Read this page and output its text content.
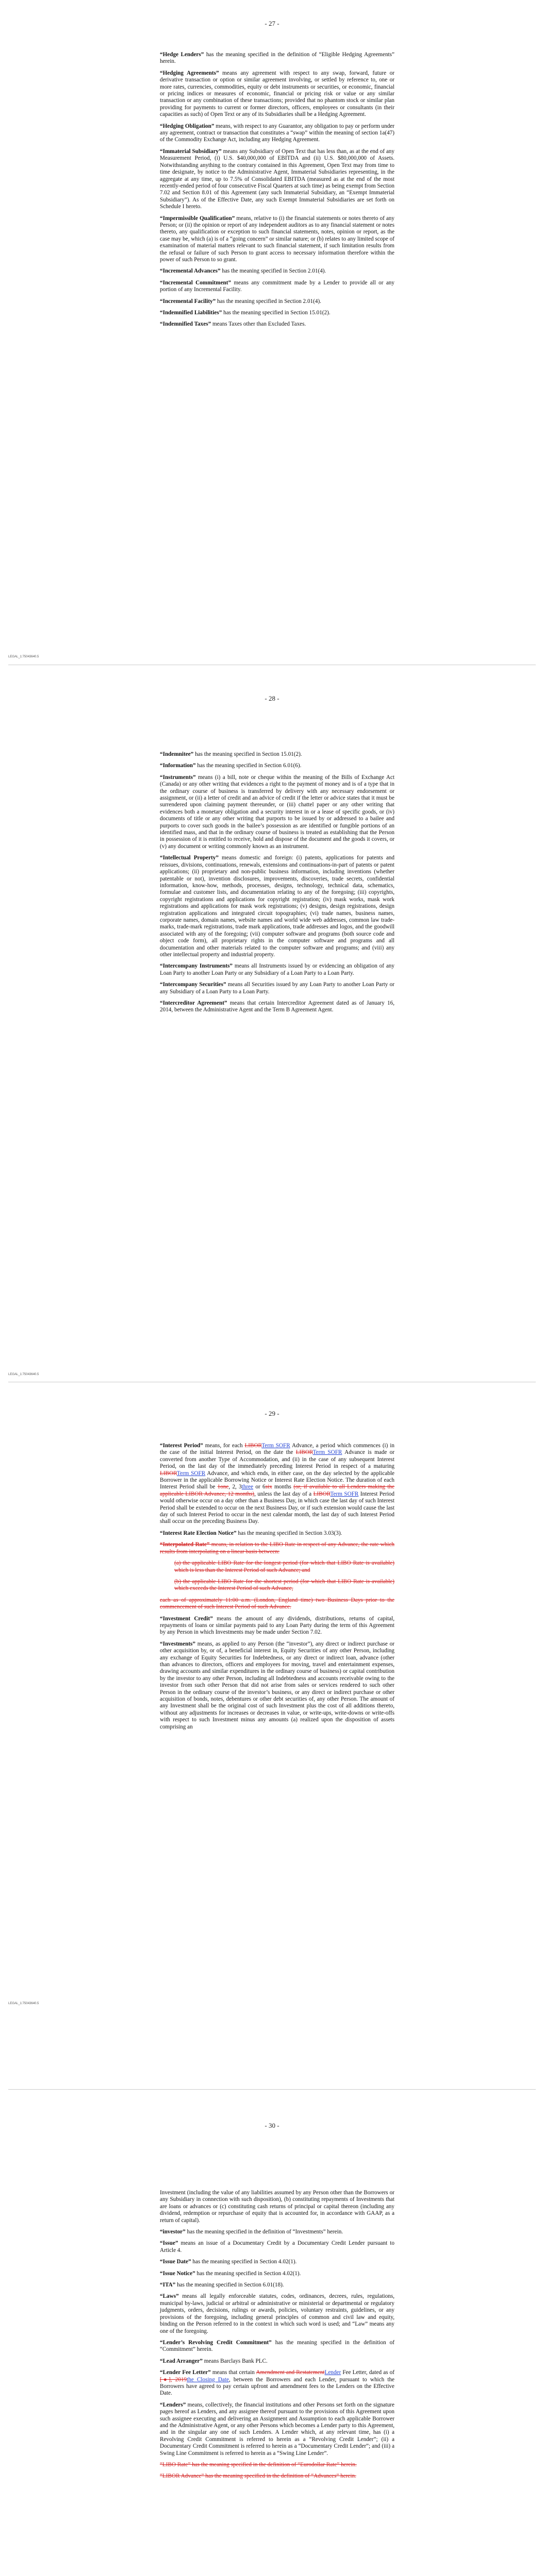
- 27 -

“Hedge Lenders” has the meaning specified in the definition of “Eligible Hedging Agreements” herein.

“Hedging Agreements” means any agreement with respect to any swap, forward, future or derivative transaction or option or similar agreement involving, or settled by reference to, one or more rates, currencies, commodities, equity or debt instruments or securities, or economic, financial or pricing indices or measures of economic, financial or pricing risk or value or any similar transaction or any combination of these transactions; provided that no phantom stock or similar plan providing for payments to current or former directors, officers, employees or consultants (in their capacities as such) of Open Text or any of its Subsidiaries shall be a Hedging Agreement.

“Hedging Obligation” means, with respect to any Guarantor, any obligation to pay or perform under any agreement, contract or transaction that constitutes a “swap” within the meaning of section 1a(47) of the Commodity Exchange Act, including any Hedging Agreement.

“Immaterial Subsidiary” means any Subsidiary of Open Text that has less than, as at the end of any Measurement Period, (i) U.S. $40,000,000 of EBITDA and (ii) U.S. $80,000,000 of Assets. Notwithstanding anything to the contrary contained in this Agreement, Open Text may from time to time designate, by notice to the Administrative Agent, Immaterial Subsidiaries representing, in the aggregate at any time, up to 7.5% of Consolidated EBITDA (measured as at the end of the most recently-ended period of four consecutive Fiscal Quarters at such time) as being exempt from Section 7.02 and Section 8.01 of this Agreement (any such Immaterial Subsidiary, an “Exempt Immaterial Subsidiary”). As of the Effective Date, any such Exempt Immaterial Subsidiaries are set forth on Schedule I hereto.

“Impermissible Qualification” means, relative to (i) the financial statements or notes thereto of any Person; or (ii) the opinion or report of any independent auditors as to any financial statement or notes thereto, any qualification or exception to such financial statements, notes, opinion or report, as the case may be, which (a) is of a “going concern” or similar nature; or (b) relates to any limited scope of examination of material matters relevant to such financial statement, if such limitation results from the refusal or failure of such Person to grant access to necessary information therefore within the power of such Person to so grant.

“Incremental Advances” has the meaning specified in Section 2.01(4).

“Incremental Commitment” means any commitment made by a Lender to provide all or any portion of any Incremental Facility.

“Incremental Facility” has the meaning specified in Section 2.01(4).

“Indemnified Liabilities” has the meaning specified in Section 15.01(2).

“Indemnified Taxes” means Taxes other than Excluded Taxes.

LEGAL_1:75043640.5
- 28 -

“Indemnitee” has the meaning specified in Section 15.01(2).

“Information” has the meaning specified in Section 6.01(6).

“Instruments” means (i) a bill, note or cheque within the meaning of the Bills of Exchange Act (Canada) or any other writing that evidences a right to the payment of money and is of a type that in the ordinary course of business is transferred by delivery with any necessary endorsement or assignment, or (ii) a letter of credit and an advice of credit if the letter or advice states that it must be surrendered upon claiming payment thereunder, or (iii) chattel paper or any other writing that evidences both a monetary obligation and a security interest in or a lease of specific goods, or (iv) documents of title or any other writing that purports to be issued by or addressed to a bailee and purports to cover such goods in the bailee’s possession as are identified or fungible portions of an identified mass, and that in the ordinary course of business is treated as establishing that the Person in possession of it is entitled to receive, hold and dispose of the document and the goods it covers, or (v) any document or writing commonly known as an instrument.

“Intellectual Property” means domestic and foreign: (i) patents, applications for patents and reissues, divisions, continuations, renewals, extensions and continuations-in-part of patents or patent applications; (ii) proprietary and non-public business information, including inventions (whether patentable or not), invention disclosures, improvements, discoveries, trade secrets, confidential information, know-how, methods, processes, designs, technology, technical data, schematics, formulae and customer lists, and documentation relating to any of the foregoing; (iii) copyrights, copyright registrations and applications for copyright registration; (iv) mask works, mask work registrations and applications for mask work registrations; (v) designs, design registrations, design registration applications and integrated circuit topographies; (vi) trade names, business names, corporate names, domain names, website names and world wide web addresses, common law trade-marks, trade-mark registrations, trade mark applications, trade addresses and logos, and the goodwill associated with any of the foregoing; (vii) computer software and programs (both source code and object code form), all proprietary rights in the computer software and programs and all documentation and other materials related to the computer software and programs; and (viii) any other intellectual property and industrial property.

“Intercompany Instruments” means all Instruments issued by or evidencing an obligation of any Loan Party to another Loan Party or any Subsidiary of a Loan Party to a Loan Party.

“Intercompany Securities” means all Securities issued by any Loan Party to another Loan Party or any Subsidiary of a Loan Party to a Loan Party.

“Intercreditor Agreement” means that certain Intercreditor Agreement dated as of January 16, 2014, between the Administrative Agent and the Term B Agreement Agent.

LEGAL_1:75043640.5
- 29 -

“Interest Period” means, for each LIBORTerm SOFR Advance, a period which commences (i) in the case of the initial Interest Period, on the date the LIBORTerm SOFR Advance is made or converted from another Type of Accommodation, and (ii) in the case of any subsequent Interest Period, on the last day of the immediately preceding Interest Period in respect of a maturing LIBORTerm SOFR Advance, and which ends, in either case, on the day selected by the applicable Borrower in the applicable Borrowing Notice or Interest Rate Election Notice. The duration of each Interest Period shall be 1one, 2, 3three or 6six months (or, if available to all Lenders making the applicable LIBOR Advance, 12 months), unless the last day of a LIBORTerm SOFR Interest Period would otherwise occur on a day other than a Business Day, in which case the last day of such Interest Period shall be extended to occur on the next Business Day, or if such extension would cause the last day of such Interest Period to occur in the next calendar month, the last day of such Interest Period shall occur on the preceding Business Day.

“Interest Rate Election Notice” has the meaning specified in Section 3.03(3).

“Interpolated Rate” means, in relation to the LIBO Rate in respect of any Advance, the rate which results from interpolating on a linear basis between:

(a) the applicable LIBO Rate for the longest period (for which that LIBO Rate is available) which is less than the Interest Period of such Advance; and

(b) the applicable LIBO Rate for the shortest period (for which that LIBO Rate is available) which exceeds the Interest Period of such Advance,

each as of approximately 11:00 a.m. (London, England time) two Business Days prior to the commencement of such Interest Period of such Advance.

“Investment Credit” means the amount of any dividends, distributions, returns of capital, repayments of loans or similar payments paid to any Loan Party during the term of this Agreement by any Person in which Investments may be made under Section 7.02.

“Investments” means, as applied to any Person (the “investor”), any direct or indirect purchase or other acquisition by, or of, a beneficial interest in, Equity Securities of any other Person, including any exchange of Equity Securities for Indebtedness, or any direct or indirect loan, advance (other than advances to directors, officers and employees for moving, travel and entertainment expenses, drawing accounts and similar expenditures in the ordinary course of business) or capital contribution by the investor to any other Person, including all Indebtedness and accounts receivable owing to the investor from such other Person that did not arise from sales or services rendered to such other Person in the ordinary course of the investor’s business, or any direct or indirect purchase or other acquisition of bonds, notes, debentures or other debt securities of, any other Person. The amount of any Investment shall be the original cost of such Investment plus the cost of all additions thereto, without any adjustments for increases or decreases in value, or write-ups, write-downs or write-offs with respect to such Investment minus any amounts (a) realized upon the disposition of assets comprising an

LEGAL_1:75043640.5
- 30 -

Investment (including the value of any liabilities assumed by any Person other than the Borrowers or any Subsidiary in connection with such disposition), (b) constituting repayments of Investments that are loans or advances or (c) constituting cash returns of principal or capital thereon (including any dividend, redemption or repurchase of equity that is accounted for, in accordance with GAAP, as a return of capital).

“investor” has the meaning specified in the definition of “Investments” herein.

“Issue” means an issue of a Documentary Credit by a Documentary Credit Lender pursuant to Article 4.

“Issue Date” has the meaning specified in Section 4.02(1).

“Issue Notice” has the meaning specified in Section 4.02(1).

“ITA” has the meaning specified in Section 6.01(18).

“Laws” means all legally enforceable statutes, codes, ordinances, decrees, rules, regulations, municipal by-laws, judicial or arbitral or administrative or ministerial or departmental or regulatory judgments, orders, decisions, rulings or awards, policies, voluntary restraints, guidelines, or any provisions of the foregoing, including general principles of common and civil law and equity, binding on the Person referred to in the context in which such word is used; and “Law” means any one of the foregoing.

“Lender’s Revolving Credit Commitment” has the meaning specified in the definition of “Commitment” herein.

“Lead Arranger” means Barclays Bank PLC.

“Lender Fee Letter” means that certain Amendment and RestatementLender Fee Letter, dated as of [●], 2019the Closing Date, between the Borrowers and each Lender, pursuant to which the Borrowers have agreed to pay certain upfront and amendment fees to the Lenders on the Effective Date.

“Lenders” means, collectively, the financial institutions and other Persons set forth on the signature pages hereof as Lenders, and any assignee thereof pursuant to the provisions of this Agreement upon such assignee executing and delivering an Assignment and Assumption to each applicable Borrower and the Administrative Agent, or any other Persons which becomes a Lender party to this Agreement, and in the singular any one of such Lenders. A Lender which, at any relevant time, has (i) a Revolving Credit Commitment is referred to herein as a “Revolving Credit Lender”; (ii) a Documentary Credit Commitment is referred to herein as a “Documentary Credit Lender”; and (iii) a Swing Line Commitment is referred to herein as a “Swing Line Lender”.

“LIBO Rate” has the meaning specified in the definition of “Eurodollar Rate” herein.

“LIBOR Advance” has the meaning specified in the definition of “Advances” herein.
